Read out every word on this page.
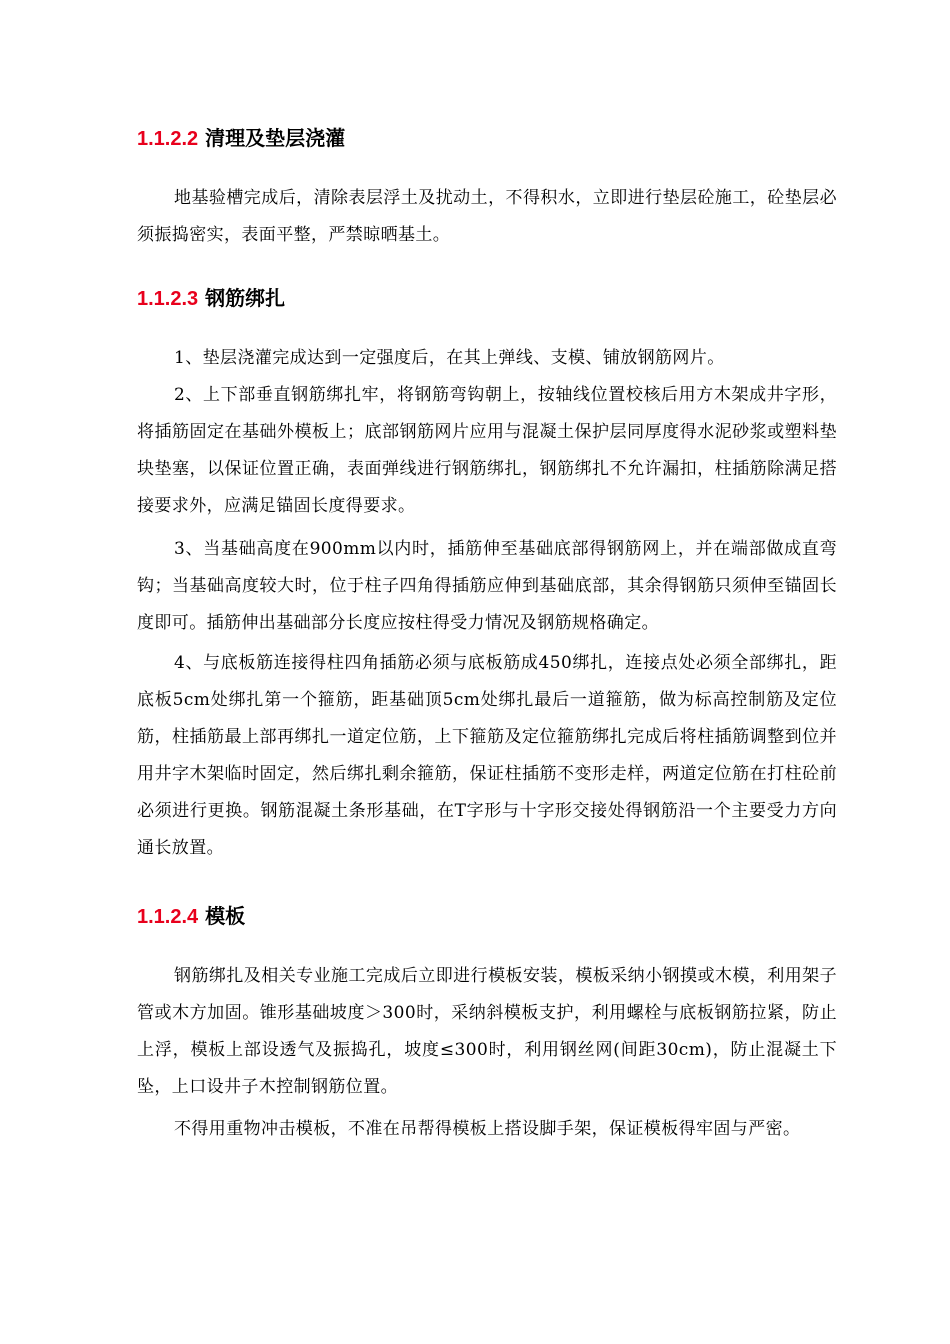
1.1.2.2 清理及垫层浇灌

地基验槽完成后，清除表层浮土及扰动土，不得积水，立即进行垫层砼施工，砼垫层必须振捣密实，表面平整，严禁晾晒基土。

1.1.2.3 钢筋绑扎

1、垫层浇灌完成达到一定强度后，在其上弹线、支模、铺放钢筋网片。

2、上下部垂直钢筋绑扎牢，将钢筋弯钩朝上，按轴线位置校核后用方木架成井字形，将插筋固定在基础外模板上；底部钢筋网片应用与混凝土保护层同厚度得水泥砂浆或塑料垫块垫塞，以保证位置正确，表面弹线进行钢筋绑扎，钢筋绑扎不允许漏扣，柱插筋除满足搭接要求外，应满足锚固长度得要求。

3、当基础高度在900mm以内时，插筋伸至基础底部得钢筋网上，并在端部做成直弯钩；当基础高度较大时，位于柱子四角得插筋应伸到基础底部，其余得钢筋只须伸至锚固长度即可。插筋伸出基础部分长度应按柱得受力情况及钢筋规格确定。

4、与底板筋连接得柱四角插筋必须与底板筋成450绑扎，连接点处必须全部绑扎，距底板5cm处绑扎第一个箍筋，距基础顶5cm处绑扎最后一道箍筋，做为标高控制筋及定位筋，柱插筋最上部再绑扎一道定位筋，上下箍筋及定位箍筋绑扎完成后将柱插筋调整到位并用井字木架临时固定，然后绑扎剩余箍筋，保证柱插筋不变形走样，两道定位筋在打柱砼前必须进行更换。钢筋混凝土条形基础，在T字形与十字形交接处得钢筋沿一个主要受力方向通长放置。

1.1.2.4 模板

钢筋绑扎及相关专业施工完成后立即进行模板安装，模板采纳小钢摸或木模，利用架子管或木方加固。锥形基础坡度＞300时，采纳斜模板支护，利用螺栓与底板钢筋拉紧，防止上浮，模板上部设透气及振捣孔，坡度≤300时，利用钢丝网(间距30cm)，防止混凝土下坠，上口设井子木控制钢筋位置。

不得用重物冲击模板，不准在吊帮得模板上搭设脚手架，保证模板得牢固与严密。
